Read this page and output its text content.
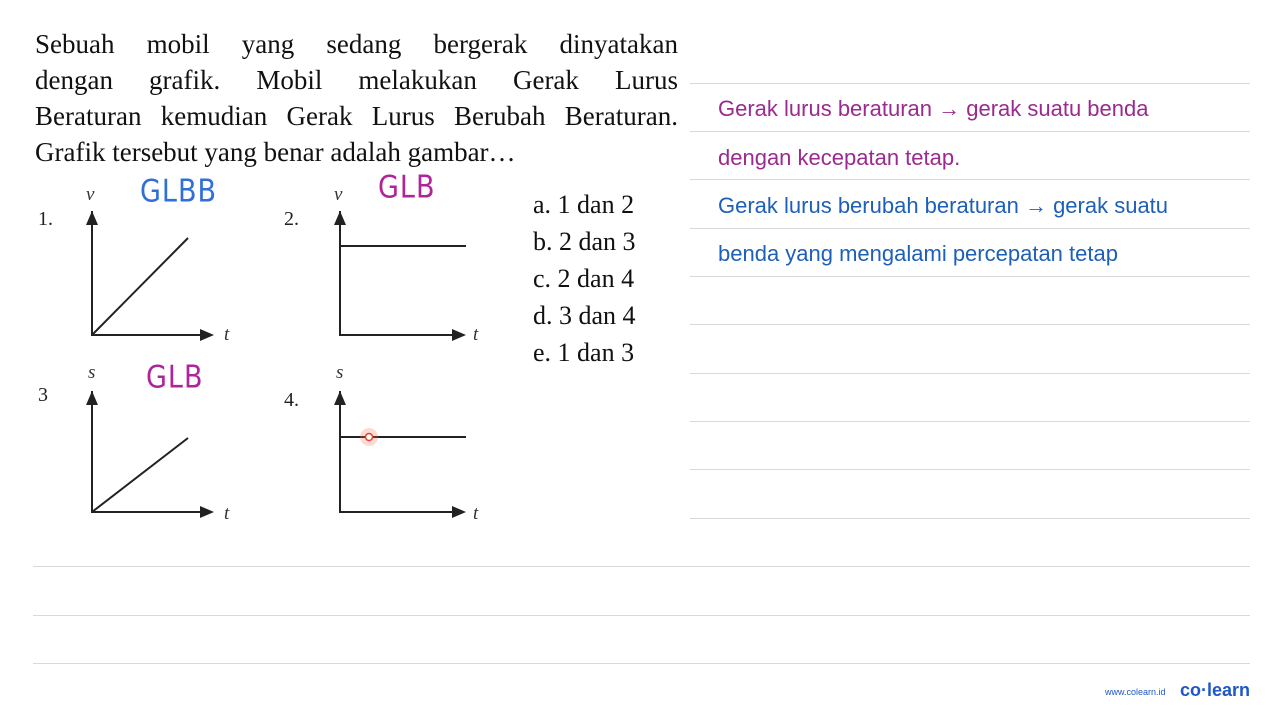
Sebuah mobil yang sedang bergerak dinyatakan
dengan grafik. Mobil melakukan Gerak Lurus
Beraturan kemudian Gerak Lurus Berubah Beraturan.
Grafik tersebut yang benar adalah gambar…
1.
v
t
GLBB
2.
v
t
GLB
3
s
t
GLB
4.
s
t
a. 1 dan 2
b. 2 dan 3
c. 2 dan 4
d. 3 dan 4
e. 1 dan 3
Gerak lurus beraturan → gerak suatu benda
dengan kecepatan tetap.
Gerak lurus berubah beraturan → gerak suatu
benda yang mengalami percepatan tetap
www.colearn.id co·learn
